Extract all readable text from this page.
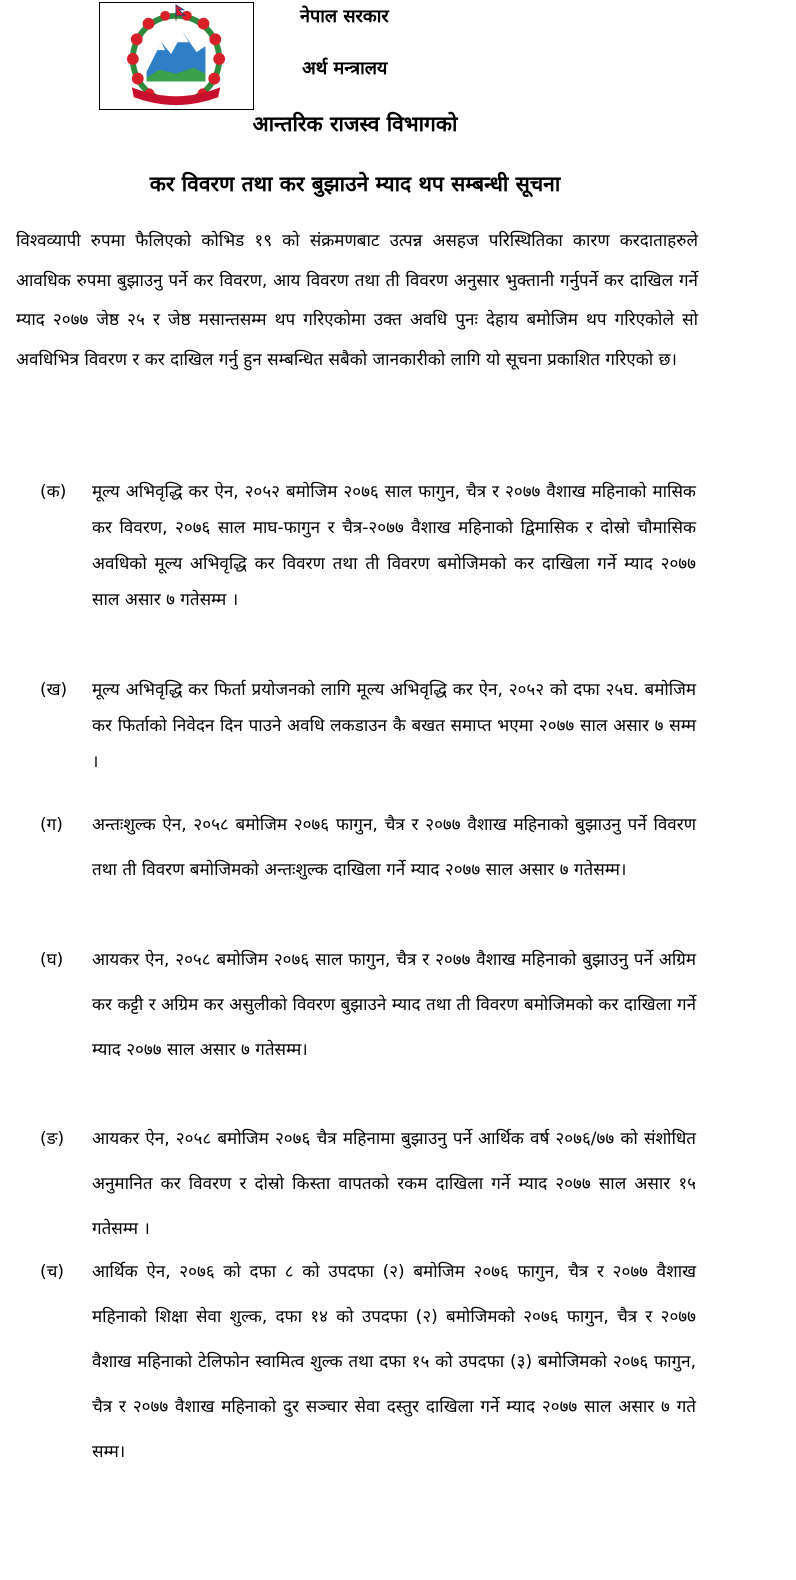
नेपाल सरकार
अर्थ मन्त्रालय
आन्तरिक राजस्व विभागको
कर विवरण तथा कर बुझाउने म्याद थप सम्बन्धी सूचना

विश्वव्यापी रुपमा फैलिएको कोभिड १९ को संक्रमणबाट उत्पन्न असहज परिस्थितिका कारण करदाताहरुले आवधिक रुपमा बुझाउनु पर्ने कर विवरण, आय विवरण तथा ती विवरण अनुसार भुक्तानी गर्नुपर्ने कर दाखिल गर्ने म्याद २०७७ जेष्ठ २५ र जेष्ठ मसान्तसम्म थप गरिएकोमा उक्त अवधि पुनः देहाय बमोजिम थप गरिएकोले सो अवधिभित्र विवरण र कर दाखिल गर्नु हुन सम्बन्धित सबैको जानकारीको लागि यो सूचना प्रकाशित गरिएको छ।

(क) मूल्य अभिवृद्धि कर ऐन, २०५२ बमोजिम २०७६ साल फागुन, चैत्र र २०७७ वैशाख महिनाको मासिक कर विवरण, २०७६ साल माघ-फागुन र चैत्र-२०७७ वैशाख महिनाको द्विमासिक र दोस्रो चौमासिक अवधिको मूल्य अभिवृद्धि कर विवरण तथा ती विवरण बमोजिमको कर दाखिला गर्ने म्याद २०७७ साल असार ७ गतेसम्म ।

(ख) मूल्य अभिवृद्धि कर फिर्ता प्रयोजनको लागि मूल्य अभिवृद्धि कर ऐन, २०५२ को दफा २५घ. बमोजिम कर फिर्ताको निवेदन दिन पाउने अवधि लकडाउन कै बखत समाप्त भएमा २०७७ साल असार ७ सम्म ।

(ग) अन्तःशुल्क ऐन, २०५८ बमोजिम २०७६ फागुन, चैत्र र २०७७ वैशाख महिनाको बुझाउनु पर्ने विवरण तथा ती विवरण बमोजिमको अन्तःशुल्क दाखिला गर्ने म्याद २०७७ साल असार ७ गतेसम्म।

(घ) आयकर ऐन, २०५८ बमोजिम २०७६ साल फागुन, चैत्र र २०७७ वैशाख महिनाको बुझाउनु पर्ने अग्रिम कर कट्टी र अग्रिम कर असुलीको विवरण बुझाउने म्याद तथा ती विवरण बमोजिमको कर दाखिला गर्ने म्याद २०७७ साल असार ७ गतेसम्म।

(ङ) आयकर ऐन, २०५८ बमोजिम २०७६ चैत्र महिनामा बुझाउनु पर्ने आर्थिक वर्ष २०७६/७७ को संशोधित अनुमानित कर विवरण र दोस्रो किस्ता वापतको रकम दाखिला गर्ने म्याद २०७७ साल असार १५ गतेसम्म ।

(च) आर्थिक ऐन, २०७६ को दफा ८ को उपदफा (२) बमोजिम २०७६ फागुन, चैत्र र २०७७ वैशाख महिनाको शिक्षा सेवा शुल्क, दफा १४ को उपदफा (२) बमोजिमको २०७६ फागुन, चैत्र र २०७७ वैशाख महिनाको टेलिफोन स्वामित्व शुल्क तथा दफा १५ को उपदफा (३) बमोजिमको २०७६ फागुन, चैत्र र २०७७ वैशाख महिनाको दुर सञ्चार सेवा दस्तुर दाखिला गर्ने म्याद २०७७ साल असार ७ गते सम्म।
